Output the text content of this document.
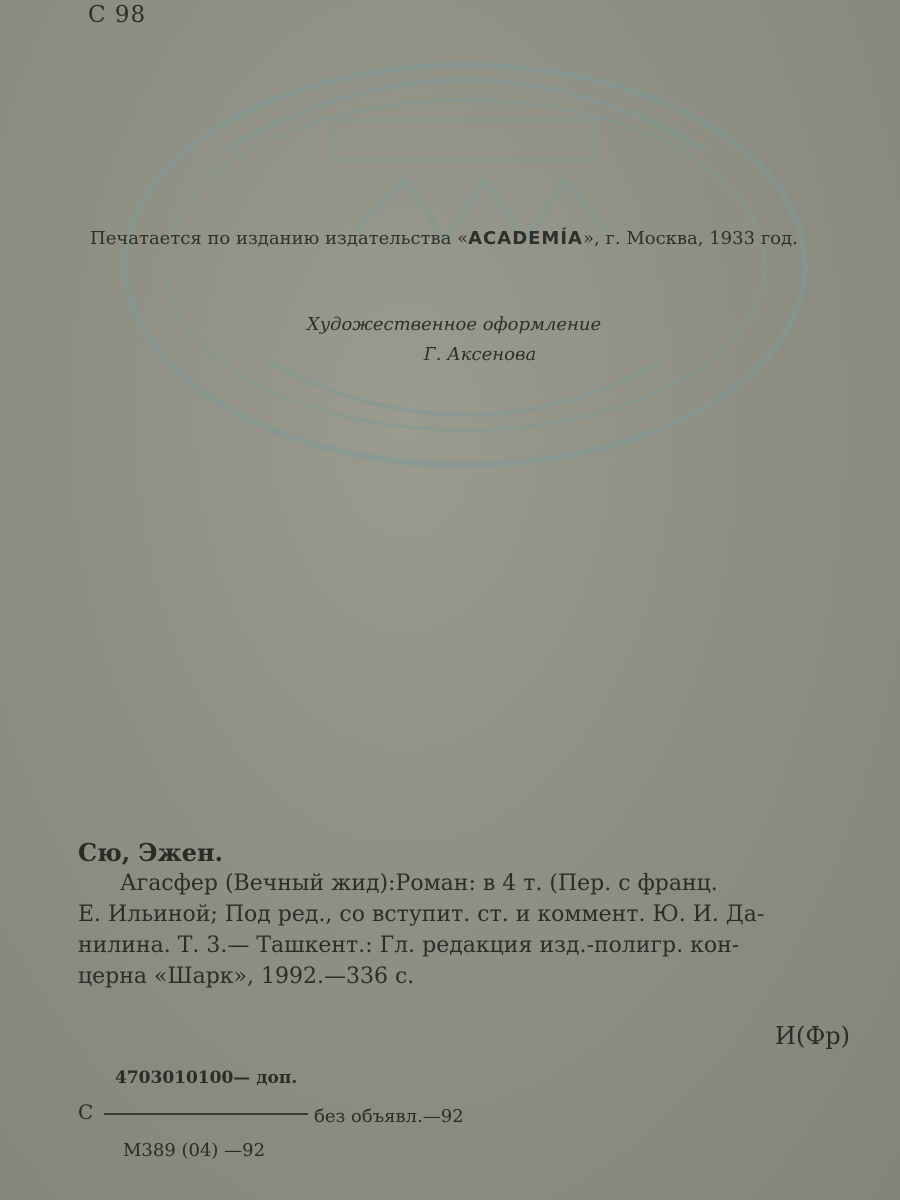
С 98
Печатается по изданию издательства «ACADEMÍA», г. Москва, 1933 год.
Художественное оформление
Г. Аксенова
Сю, Эжен.
Агасфер (Вечный жид):Роман: в 4 т. (Пер. с франц.
Е. Ильиной; Под ред., со вступит. ст. и коммент. Ю. И. Да-
нилина. Т. 3.— Ташкент.: Гл. редакция изд.-полигр. кон-
церна «Шарк», 1992.—336 с.
И(Фр)
4703010100— доп.
С	без объявл.—92
М389 (04) —92
